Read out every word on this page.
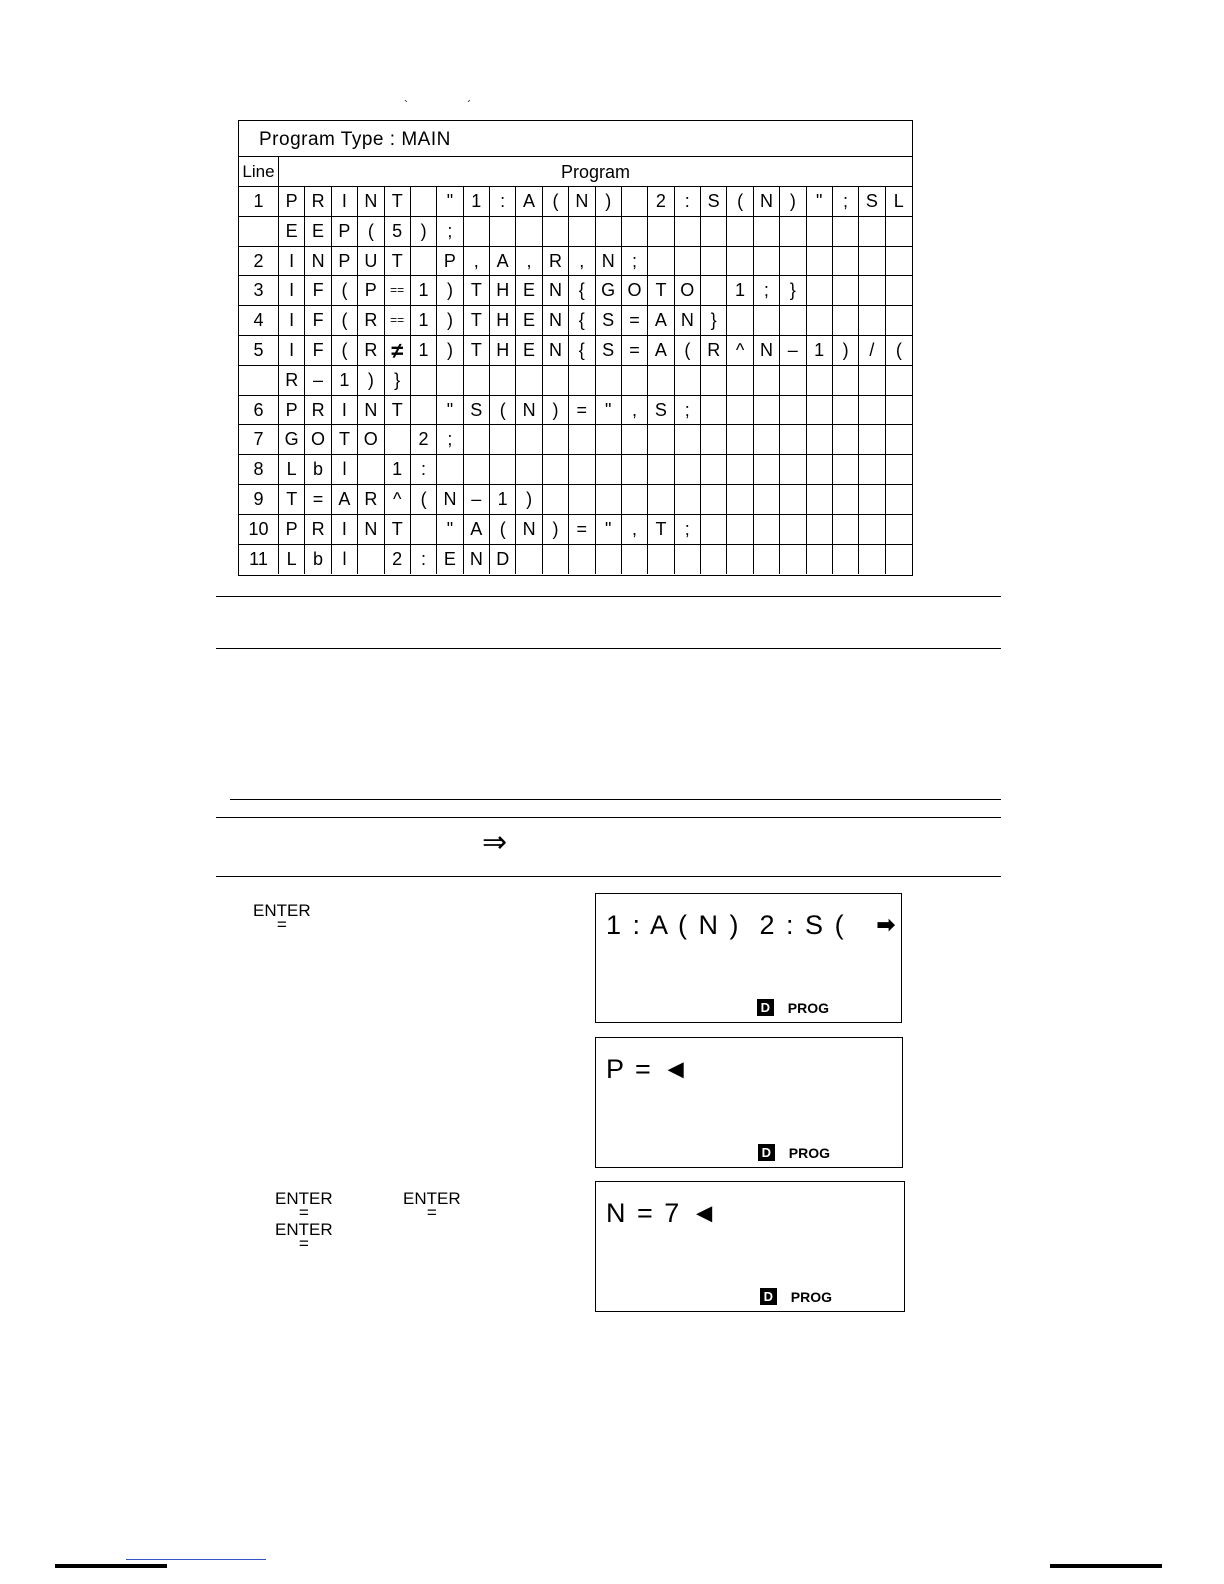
` ´
Program Type : MAIN
Line	Program
1	P R I N T	"	1	: A ( N )	2	: S ( N )	"	; S L
E E P (	5	)	;
2	I N P U T	P , A , R , N ;
3	I	F ( P	== 1	) T H E N { G O T O	1	;	}
4	I	F ( R	== 1	) T H E N { S = A N }
5	I	F ( R ≠ 1	) T H E N { S = A ( R ^ N – 1	)	/	(
R – 1	)	}
6	P R I N T	" S ( N )	= "	, S ;
7	G O T O	2	;
8	L b	l	1	:
9	T = A R ^	( N – 1	)
10 P R I N T	" A ( N )	= "	,	T	;
11	L b	l	2	: E N D
⇒
ENTER
=
ENTER
=
ENTER
=
ENTER
=
1 : A ( N )  2 : S ( ➡
D PROG
P = ◄
D PROG
N = 7 ◄
D PROG
